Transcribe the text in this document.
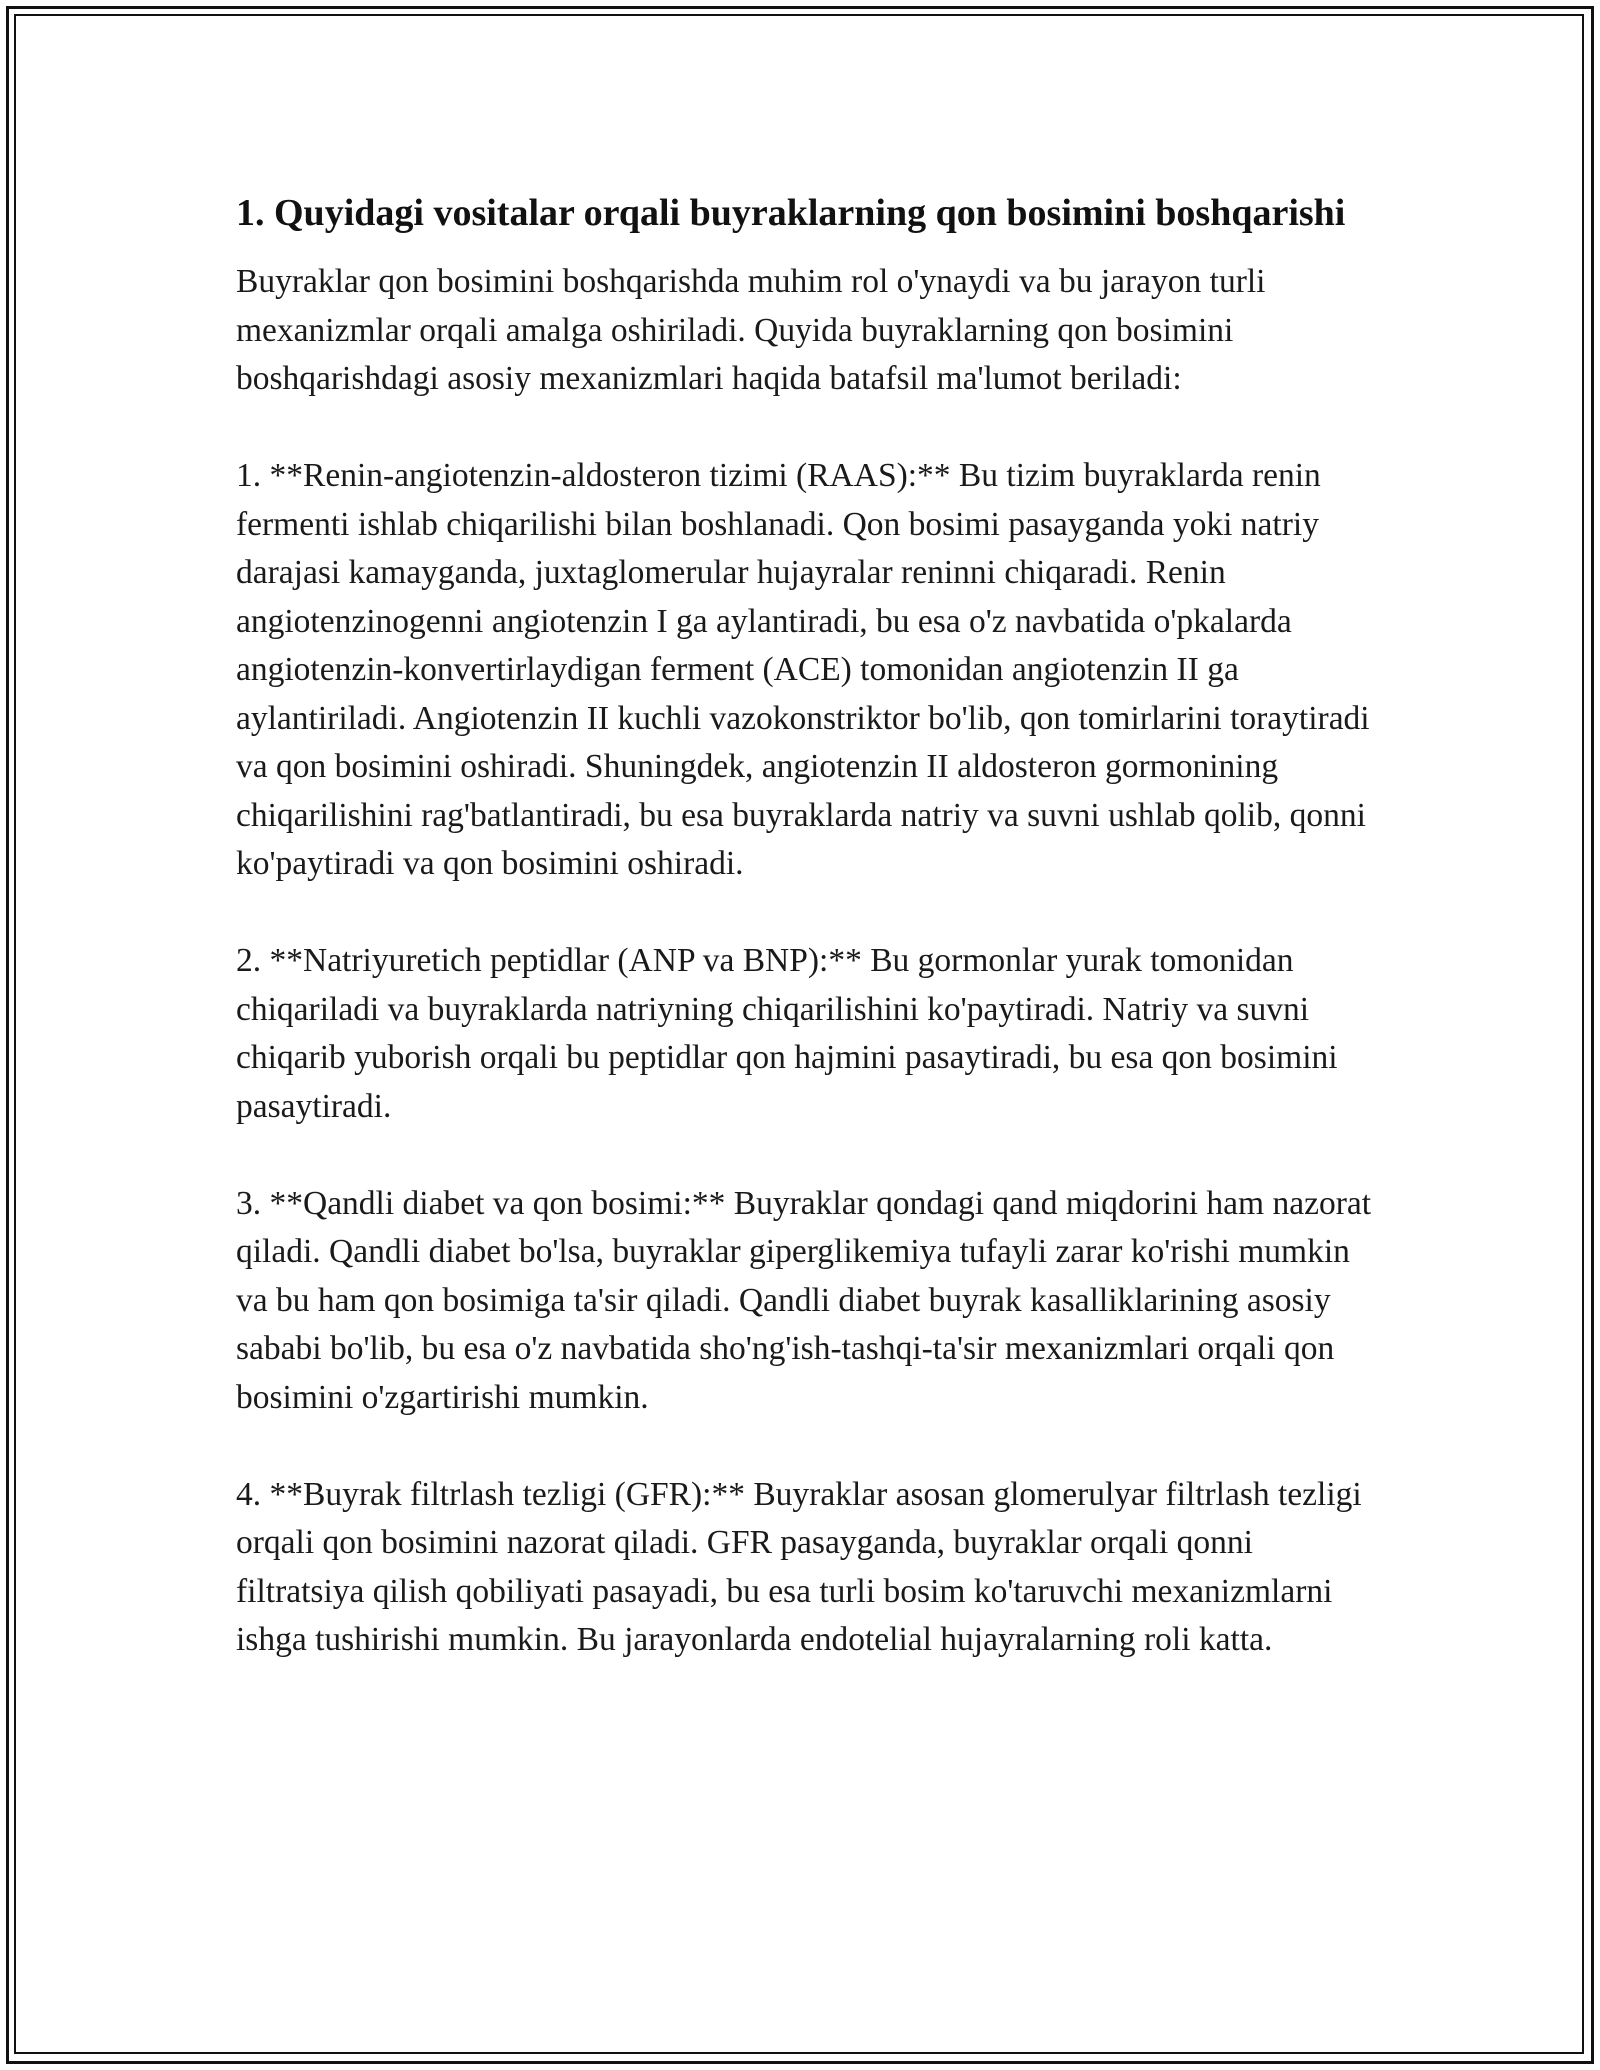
1. Quyidagi vositalar orqali buyraklarning qon bosimini boshqarishi

Buyraklar qon bosimini boshqarishda muhim rol o'ynaydi va bu jarayon turli mexanizmlar orqali amalga oshiriladi. Quyida buyraklarning qon bosimini boshqarishdagi asosiy mexanizmlari haqida batafsil ma'lumot beriladi:

1. **Renin-angiotenzin-aldosteron tizimi (RAAS):** Bu tizim buyraklarda renin fermenti ishlab chiqarilishi bilan boshlanadi. Qon bosimi pasayganda yoki natriy darajasi kamayganda, juxtaglomerular hujayralar reninni chiqaradi. Renin angiotenzinogenni angiotenzin I ga aylantiradi, bu esa o'z navbatida o'pkalarda angiotenzin-konvertirlaydigan ferment (ACE) tomonidan angiotenzin II ga aylantiriladi. Angiotenzin II kuchli vazokonstriktor bo'lib, qon tomirlarini toraytiradi va qon bosimini oshiradi. Shuningdek, angiotenzin II aldosteron gormonining chiqarilishini rag'batlantiradi, bu esa buyraklarda natriy va suvni ushlab qolib, qonni ko'paytiradi va qon bosimini oshiradi.

2. **Natriyuretich peptidlar (ANP va BNP):** Bu gormonlar yurak tomonidan chiqariladi va buyraklarda natriyning chiqarilishini ko'paytiradi. Natriy va suvni chiqarib yuborish orqali bu peptidlar qon hajmini pasaytiradi, bu esa qon bosimini pasaytiradi.

3. **Qandli diabet va qon bosimi:** Buyraklar qondagi qand miqdorini ham nazorat qiladi. Qandli diabet bo'lsa, buyraklar giperglikemiya tufayli zarar ko'rishi mumkin va bu ham qon bosimiga ta'sir qiladi. Qandli diabet buyrak kasalliklarining asosiy sababi bo'lib, bu esa o'z navbatida sho'ng'ish-tashqi-ta'sir mexanizmlari orqali qon bosimini o'zgartirishi mumkin.

4. **Buyrak filtrlash tezligi (GFR):** Buyraklar asosan glomerulyar filtrlash tezligi orqali qon bosimini nazorat qiladi. GFR pasayganda, buyraklar orqali qonni filtratsiya qilish qobiliyati pasayadi, bu esa turli bosim ko'taruvchi mexanizmlarni ishga tushirishi mumkin. Bu jarayonlarda endotelial hujayralarning roli katta.
